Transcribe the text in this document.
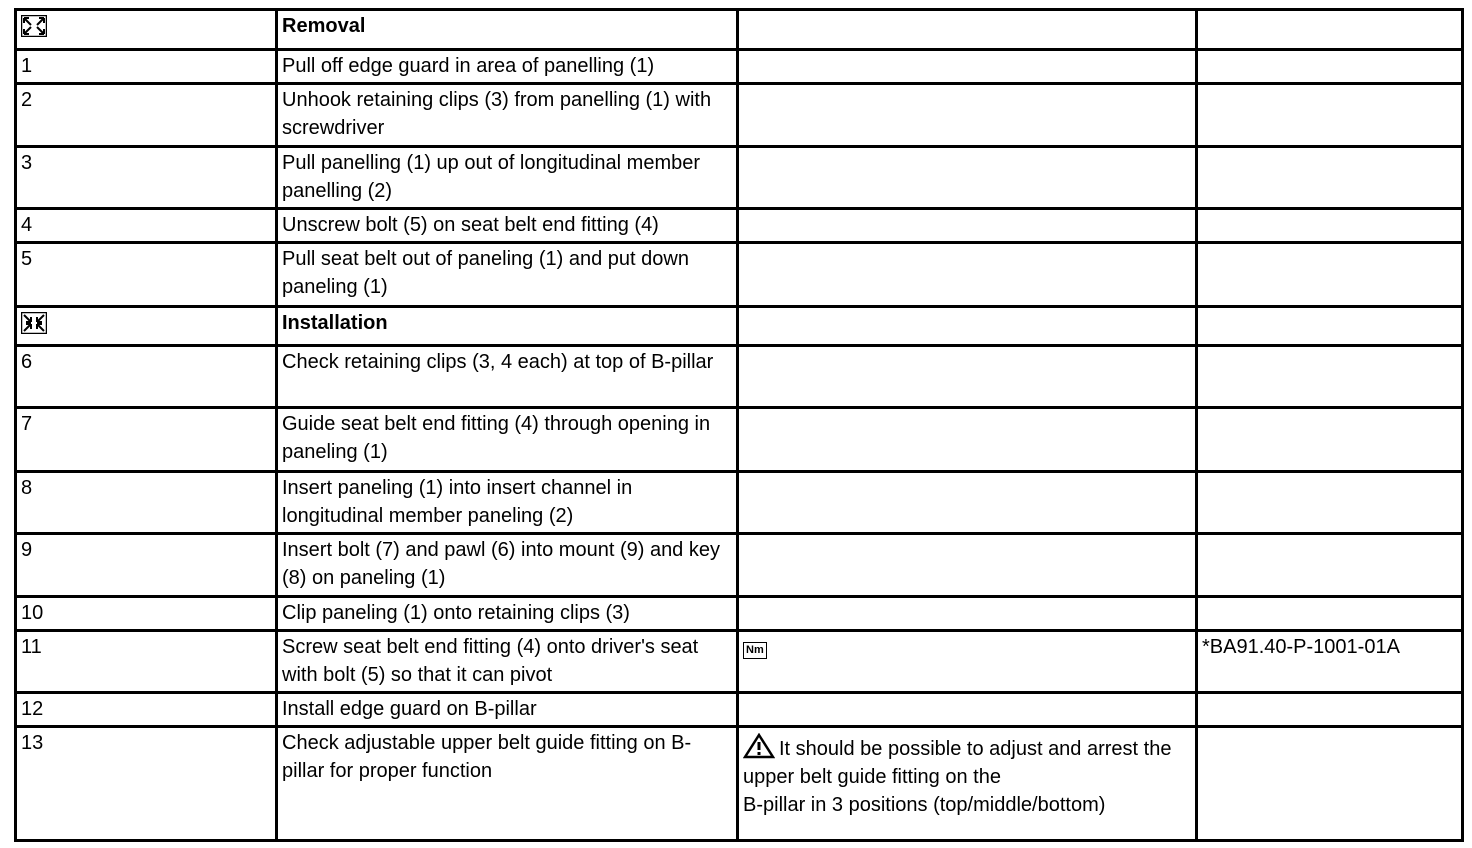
	Removal		
1	Pull off edge guard in area of panelling (1)		
2	Unhook retaining clips (3) from panelling (1) with screwdriver		
3	Pull panelling (1) up out of longitudinal member panelling (2)		
4	Unscrew bolt (5) on seat belt end fitting (4)		
5	Pull seat belt out of paneling (1) and put down paneling (1)		
	Installation		
6	Check retaining clips (3, 4 each) at top of B-pillar		
7	Guide seat belt end fitting (4) through opening in paneling (1)		
8	Insert paneling (1) into insert channel in longitudinal member paneling (2)		
9	Insert bolt (7) and pawl (6) into mount (9) and key (8) on paneling (1)		
10	Clip paneling (1) onto retaining clips (3)		
11	Screw seat belt end fitting (4) onto driver's seat with bolt (5) so that it can pivot	Nm	*BA91.40-P-1001-01A
12	Install edge guard on B-pillar		
13	Check adjustable upper belt guide fitting on B-pillar for proper function	It should be possible to adjust and arrest the upper belt guide fitting on the
B-pillar in 3 positions (top/middle/bottom)	
